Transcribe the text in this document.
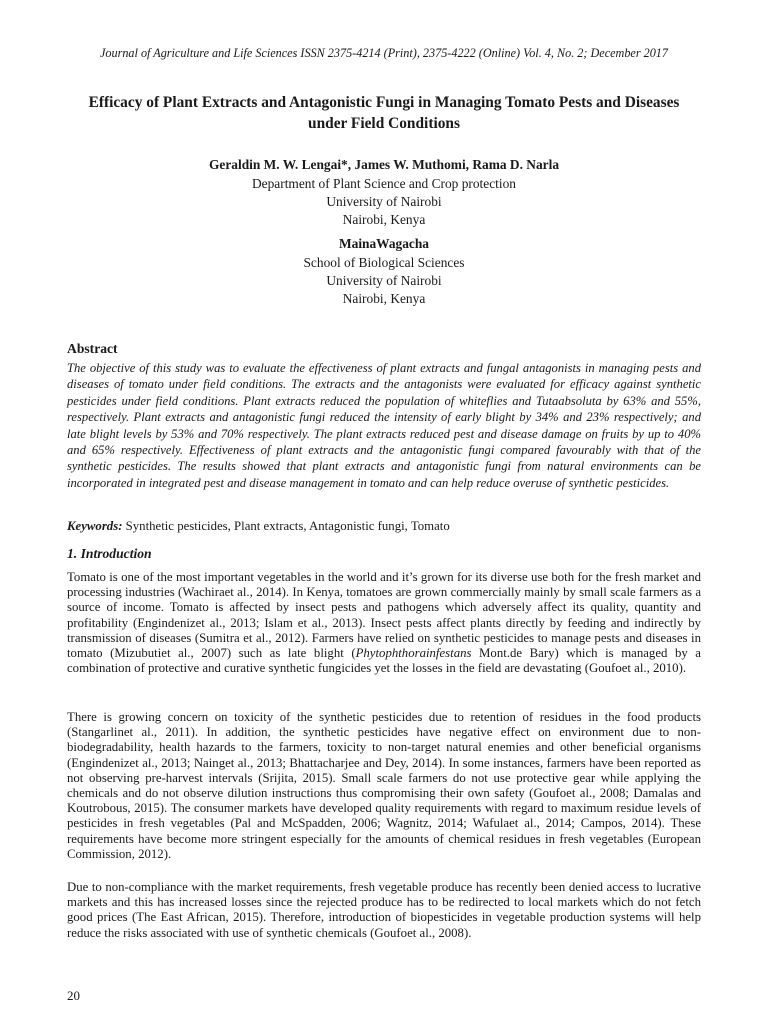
Journal of Agriculture and Life Sciences ISSN 2375-4214 (Print), 2375-4222 (Online) Vol. 4, No. 2; December 2017
Efficacy of Plant Extracts and Antagonistic Fungi in Managing Tomato Pests and Diseases under Field Conditions
Geraldin M. W. Lengai*, James W. Muthomi, Rama D. Narla
Department of Plant Science and Crop protection
University of Nairobi
Nairobi, Kenya
MainaWagacha
School of Biological Sciences
University of Nairobi
Nairobi, Kenya
Abstract
The objective of this study was to evaluate the effectiveness of plant extracts and fungal antagonists in managing pests and diseases of tomato under field conditions. The extracts and the antagonists were evaluated for efficacy against synthetic pesticides under field conditions. Plant extracts reduced the population of whiteflies and Tutaabsoluta by 63% and 55%, respectively. Plant extracts and antagonistic fungi reduced the intensity of early blight by 34% and 23% respectively; and late blight levels by 53% and 70% respectively. The plant extracts reduced pest and disease damage on fruits by up to 40% and 65% respectively. Effectiveness of plant extracts and the antagonistic fungi compared favourably with that of the synthetic pesticides. The results showed that plant extracts and antagonistic fungi from natural environments can be incorporated in integrated pest and disease management in tomato and can help reduce overuse of synthetic pesticides.
Keywords: Synthetic pesticides, Plant extracts, Antagonistic fungi, Tomato
1. Introduction
Tomato is one of the most important vegetables in the world and it’s grown for its diverse use both for the fresh market and processing industries (Wachiraet al., 2014). In Kenya, tomatoes are grown commercially mainly by small scale farmers as a source of income. Tomato is affected by insect pests and pathogens which adversely affect its quality, quantity and profitability (Engindenizet al., 2013; Islam et al., 2013). Insect pests affect plants directly by feeding and indirectly by transmission of diseases (Sumitra et al., 2012). Farmers have relied on synthetic pesticides to manage pests and diseases in tomato (Mizubutiet al., 2007) such as late blight (Phytophthorainfestans Mont.de Bary) which is managed by a combination of protective and curative synthetic fungicides yet the losses in the field are devastating (Goufoet al., 2010).
There is growing concern on toxicity of the synthetic pesticides due to retention of residues in the food products (Stangarlinet al., 2011). In addition, the synthetic pesticides have negative effect on environment due to non-biodegradability, health hazards to the farmers, toxicity to non-target natural enemies and other beneficial organisms (Engindenizet al., 2013; Nainget al., 2013; Bhattacharjee and Dey, 2014). In some instances, farmers have been reported as not observing pre-harvest intervals (Srijita, 2015). Small scale farmers do not use protective gear while applying the chemicals and do not observe dilution instructions thus compromising their own safety (Goufoet al., 2008; Damalas and Koutrobous, 2015). The consumer markets have developed quality requirements with regard to maximum residue levels of pesticides in fresh vegetables (Pal and McSpadden, 2006; Wagnitz, 2014; Wafulaet al., 2014; Campos, 2014). These requirements have become more stringent especially for the amounts of chemical residues in fresh vegetables (European Commission, 2012).
Due to non-compliance with the market requirements, fresh vegetable produce has recently been denied access to lucrative markets and this has increased losses since the rejected produce has to be redirected to local markets which do not fetch good prices (The East African, 2015). Therefore, introduction of biopesticides in vegetable production systems will help reduce the risks associated with use of synthetic chemicals (Goufoet al., 2008).
20
